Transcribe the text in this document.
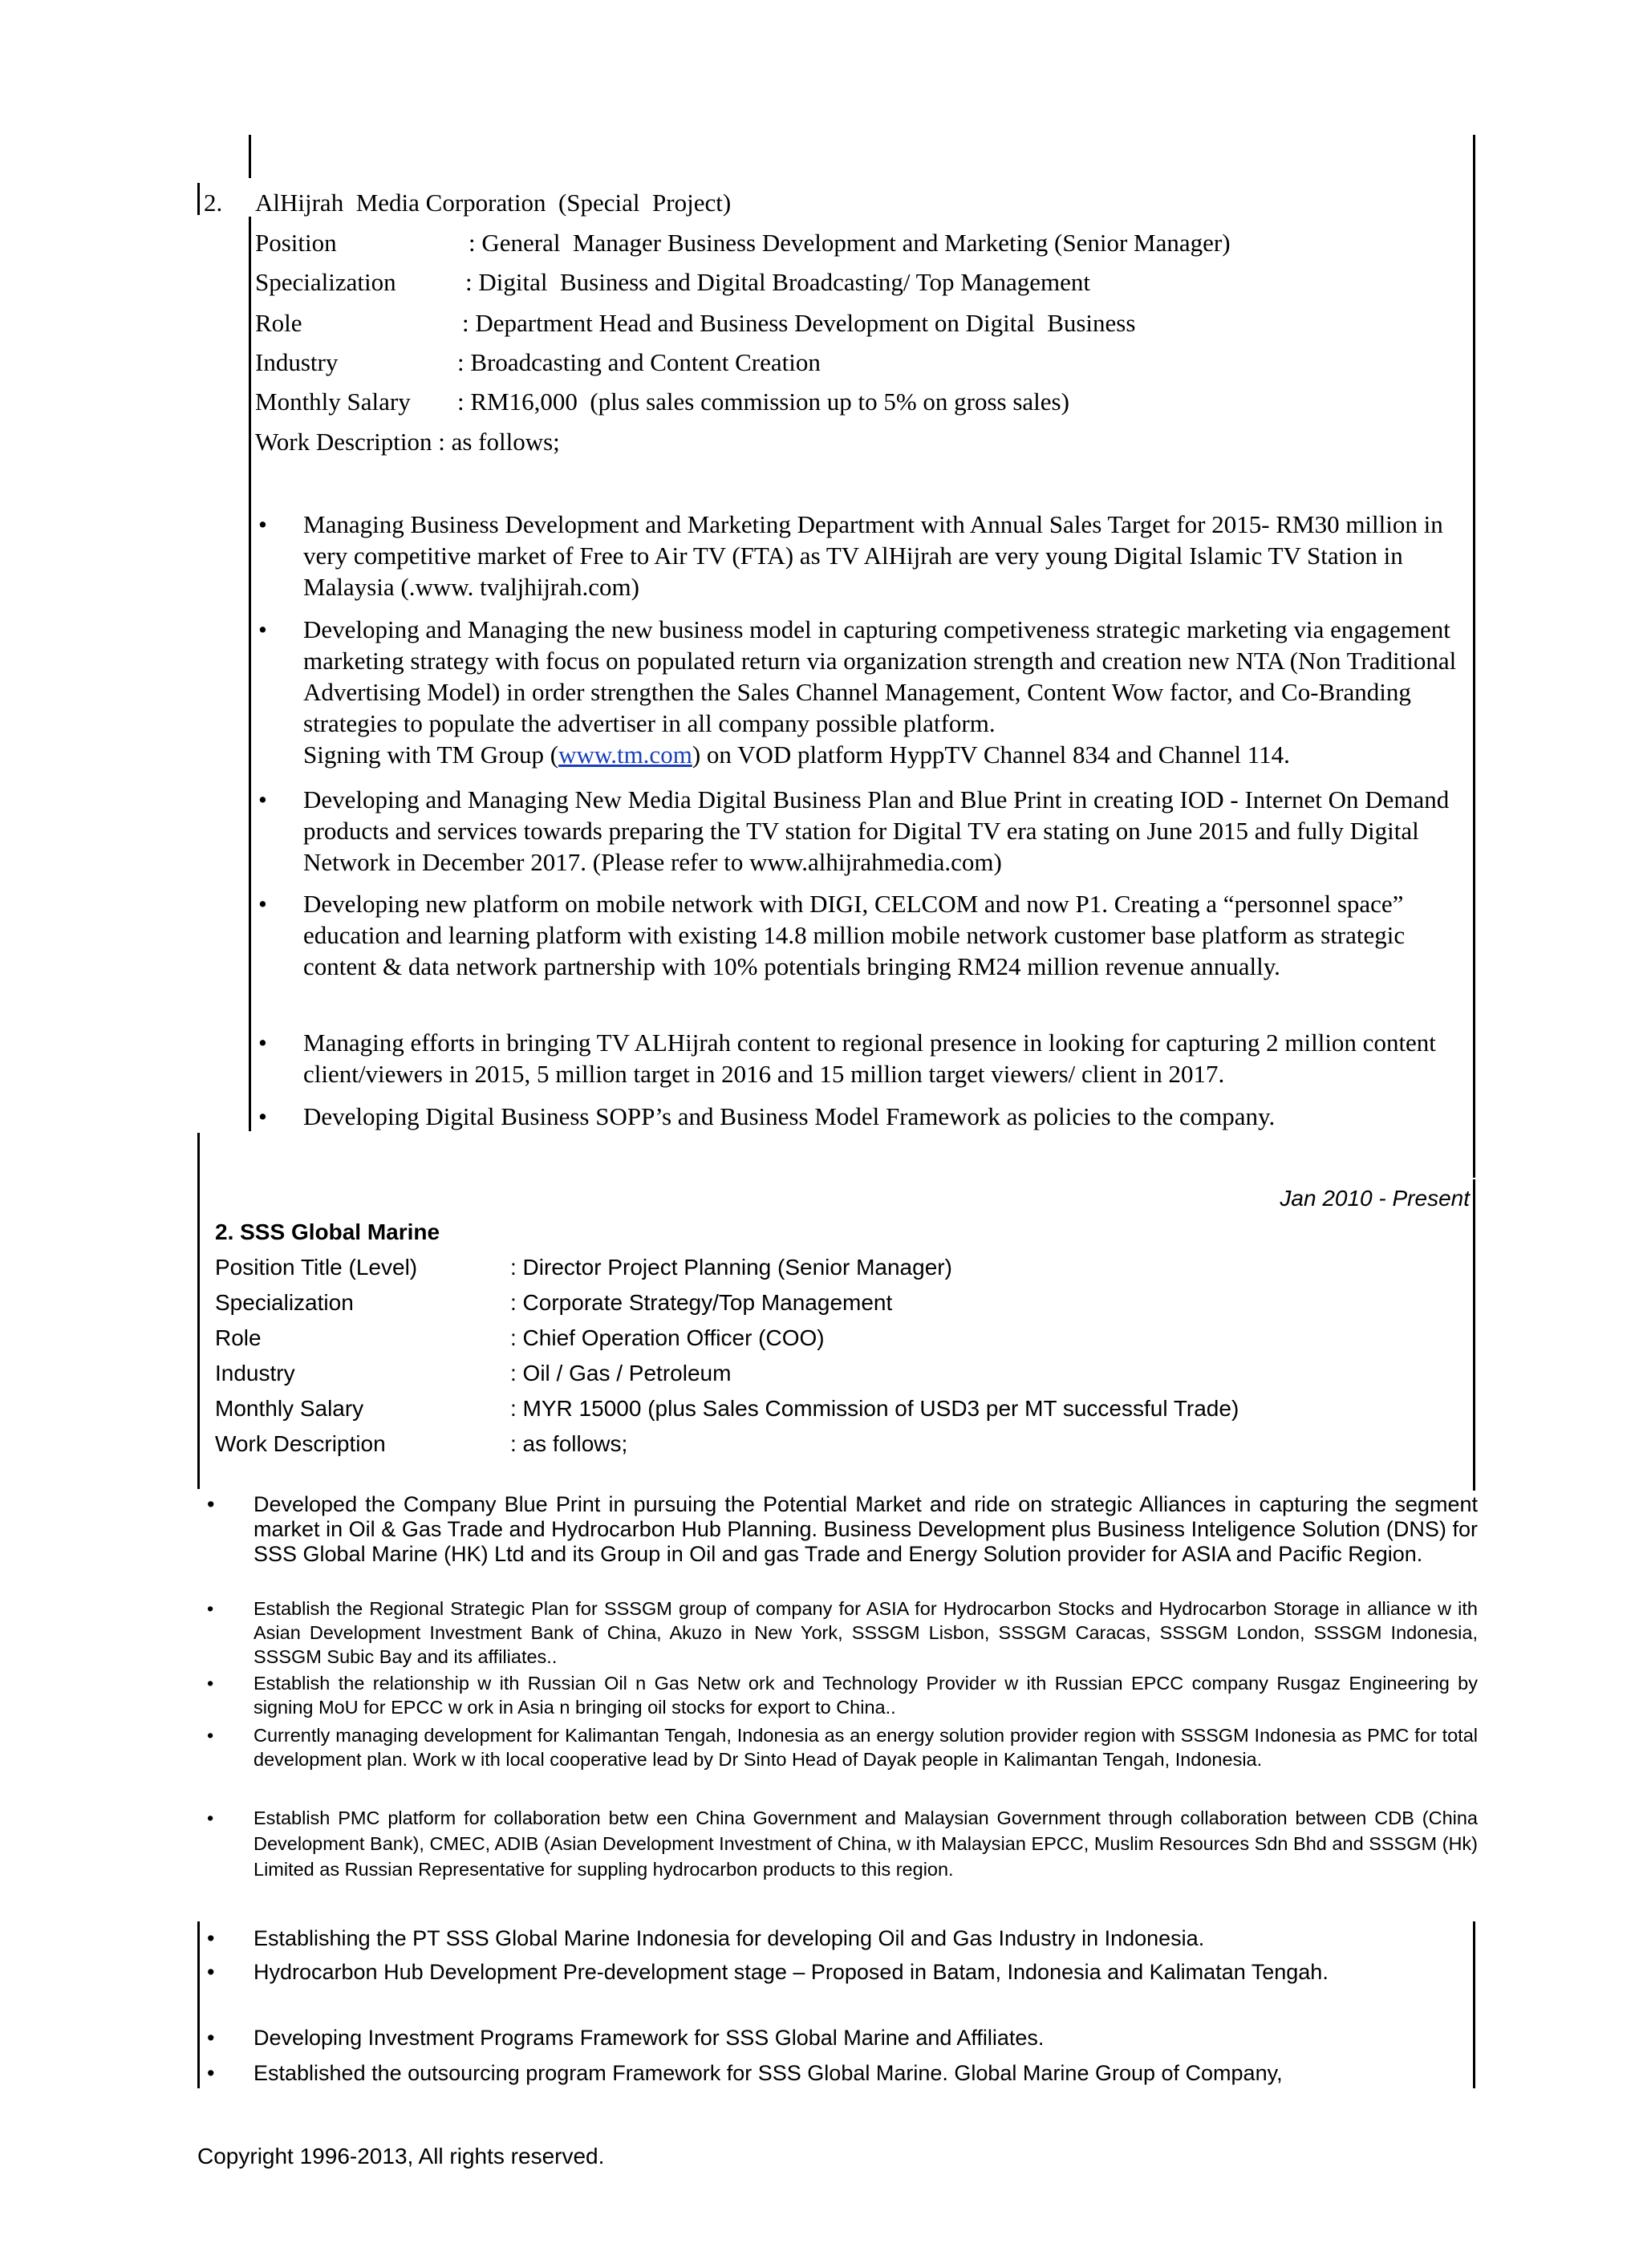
2. AlHijrah  Media Corporation  (Special  Project)
Position	: General  Manager Business Development and Marketing (Senior Manager)
Specialization	: Digital  Business and Digital Broadcasting/ Top Management
Role	: Department Head and Business Development on Digital  Business
Industry	: Broadcasting and Content Creation
Monthly Salary : RM16,000  (plus sales commission up to 5% on gross sales)
Work Description : as follows;
•	Managing Business Development and Marketing Department with Annual Sales Target for 2015- RM30 million in very competitive market of Free to Air TV (FTA) as TV AlHijrah are very young Digital Islamic TV Station in Malaysia (.www. tvaljhijrah.com)
•	Developing and Managing the new business model in capturing competiveness strategic marketing via engagement marketing strategy with focus on populated return via organization strength and creation new NTA (Non Traditional Advertising Model) in order strengthen the Sales Channel Management, Content Wow factor, and Co-Branding strategies to populate the advertiser in all company possible platform.
Signing with TM Group (www.tm.com) on VOD platform HyppTV Channel 834 and Channel 114.
•	Developing and Managing New Media Digital Business Plan and Blue Print in creating IOD - Internet On Demand products and services towards preparing the TV station for Digital TV era stating on June 2015 and fully Digital Network in December 2017. (Please refer to www.alhijrahmedia.com)
•	Developing new platform on mobile network with DIGI, CELCOM and now P1. Creating a “personnel space” education and learning platform with existing 14.8 million mobile network customer base platform as strategic content & data network partnership with 10% potentials bringing RM24 million revenue annually.
•	Managing efforts in bringing TV ALHijrah content to regional presence in looking for capturing 2 million content client/viewers in 2015, 5 million target in 2016 and 15 million target viewers/ client in 2017.
•	Developing Digital Business SOPP’s and Business Model Framework as policies to the company.
Jan 2010 - Present
2. SSS Global Marine
Position Title (Level)	: Director Project Planning (Senior Manager)
Specialization	: Corporate Strategy/Top Management
Role	: Chief Operation Officer (COO)
Industry	: Oil / Gas / Petroleum
Monthly Salary	: MYR 15000 (plus Sales Commission of USD3 per MT successful Trade)
Work Description	: as follows;
• Developed the Company Blue Print in pursuing the Potential Market and ride on strategic Alliances in capturing the segment market in Oil & Gas Trade and Hydrocarbon Hub Planning. Business Development plus Business Inteligence Solution (DNS) for SSS Global Marine (HK) Ltd and its Group in Oil and gas Trade and Energy Solution provider for ASIA and Pacific Region.
• Establish the Regional Strategic Plan for SSSGM group of company for ASIA for Hydrocarbon Stocks and Hydrocarbon Storage in alliance w ith Asian Development Investment Bank of China, Akuzo in New York, SSSGM Lisbon, SSSGM Caracas, SSSGM London, SSSGM Indonesia, SSSGM Subic Bay and its affiliates..
• Establish the relationship w ith Russian Oil n Gas Netw ork and Technology Provider w ith Russian EPCC company Rusgaz Engineering by signing MoU for EPCC w ork in Asia n bringing oil stocks for export to China..
• Currently managing development for Kalimantan Tengah, Indonesia as an energy solution provider region with SSSGM Indonesia as PMC for total development plan. Work w ith local cooperative lead by Dr Sinto Head of Dayak people in Kalimantan Tengah, Indonesia.
• Establish PMC platform for collaboration betw een China Government and Malaysian Government through collaboration between CDB (China Development Bank), CMEC, ADIB (Asian Development Investment of China, w ith Malaysian EPCC, Muslim Resources Sdn Bhd and SSSGM (Hk) Limited as Russian Representative for suppling hydrocarbon products to this region.
• Establishing the PT SSS Global Marine Indonesia for developing Oil and Gas Industry in Indonesia.
• Hydrocarbon Hub Development Pre-development stage – Proposed in Batam, Indonesia and Kalimatan Tengah.
• Developing Investment Programs Framework for SSS Global Marine and Affiliates.
• Established the outsourcing program Framework for SSS Global Marine. Global Marine Group of Company,
Copyright 1996-2013, All rights reserved.
